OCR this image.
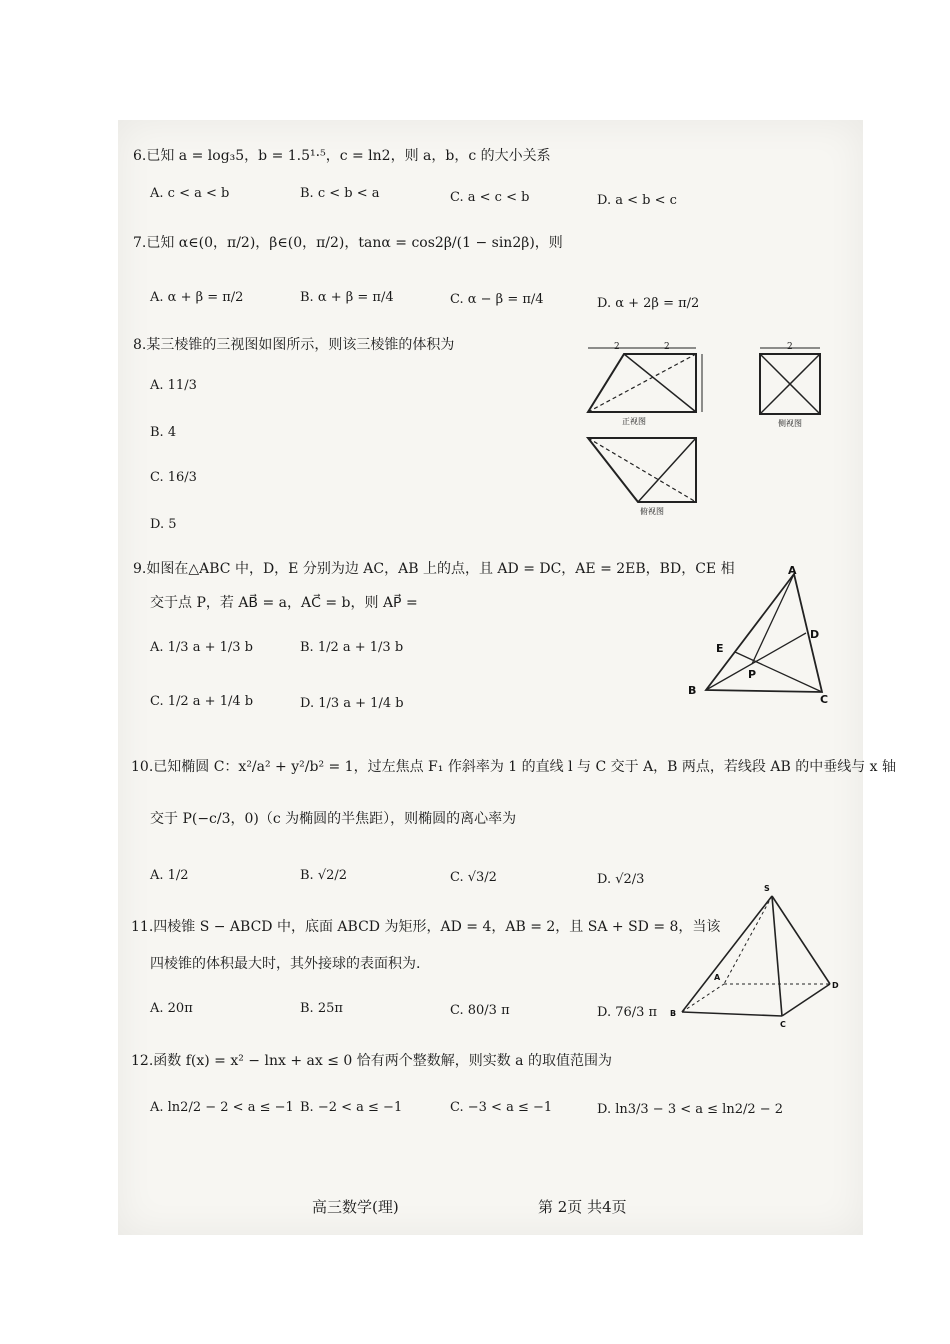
6.已知 a = log₃5，b = 1.5¹·⁵，c = ln2，则 a，b，c 的大小关系
A. c < a < b	B. c < b < a	C. a < c < b	D. a < b < c
7.已知 α∈(0，π/2)，β∈(0，π/2)，tanα = cos2β/(1 − sin2β)，则
A. α + β = π/2	B. α + β = π/4	C. α − β = π/4	D. α + 2β = π/2
8.某三棱锥的三视图如图所示，则该三棱锥的体积为
A. 11/3
B. 4
C. 16/3
D. 5
2	2
正视图
2
侧视图
俯视图
9.如图在△ABC 中，D，E 分别为边 AC，AB 上的点，且 AD = DC，AE = 2EB，BD，CE 相
交于点 P，若 AB⃗ = a，AC⃗ = b，则 AP⃗ =
A. 1/3 a + 1/3 b	B. 1/2 a + 1/3 b
C. 1/2 a + 1/4 b	D. 1/3 a + 1/4 b
A
B
C
D
E
P
10.已知椭圆 C：x²/a² + y²/b² = 1，过左焦点 F₁ 作斜率为 1 的直线 l 与 C 交于 A，B 两点，若线段 AB 的中垂线与 x 轴
交于 P(−c/3，0)（c 为椭圆的半焦距），则椭圆的离心率为
A. 1/2	B. √2/2	C. √3/2	D. √2/3
11.四棱锥 S − ABCD 中，底面 ABCD 为矩形，AD = 4，AB = 2，且 SA + SD = 8，当该
四棱锥的体积最大时，其外接球的表面积为.
A. 20π	B. 25π	C. 80/3 π	D. 76/3 π
S
A
B
C
D
12.函数 f(x) = x² − lnx + ax ≤ 0 恰有两个整数解，则实数 a 的取值范围为
A. ln2/2 − 2 < a ≤ −1 B. −2 < a ≤ −1	C. −3 < a ≤ −1	D. ln3/3 − 3 < a ≤ ln2/2 − 2
高三数学(理)	第 2页 共4页
